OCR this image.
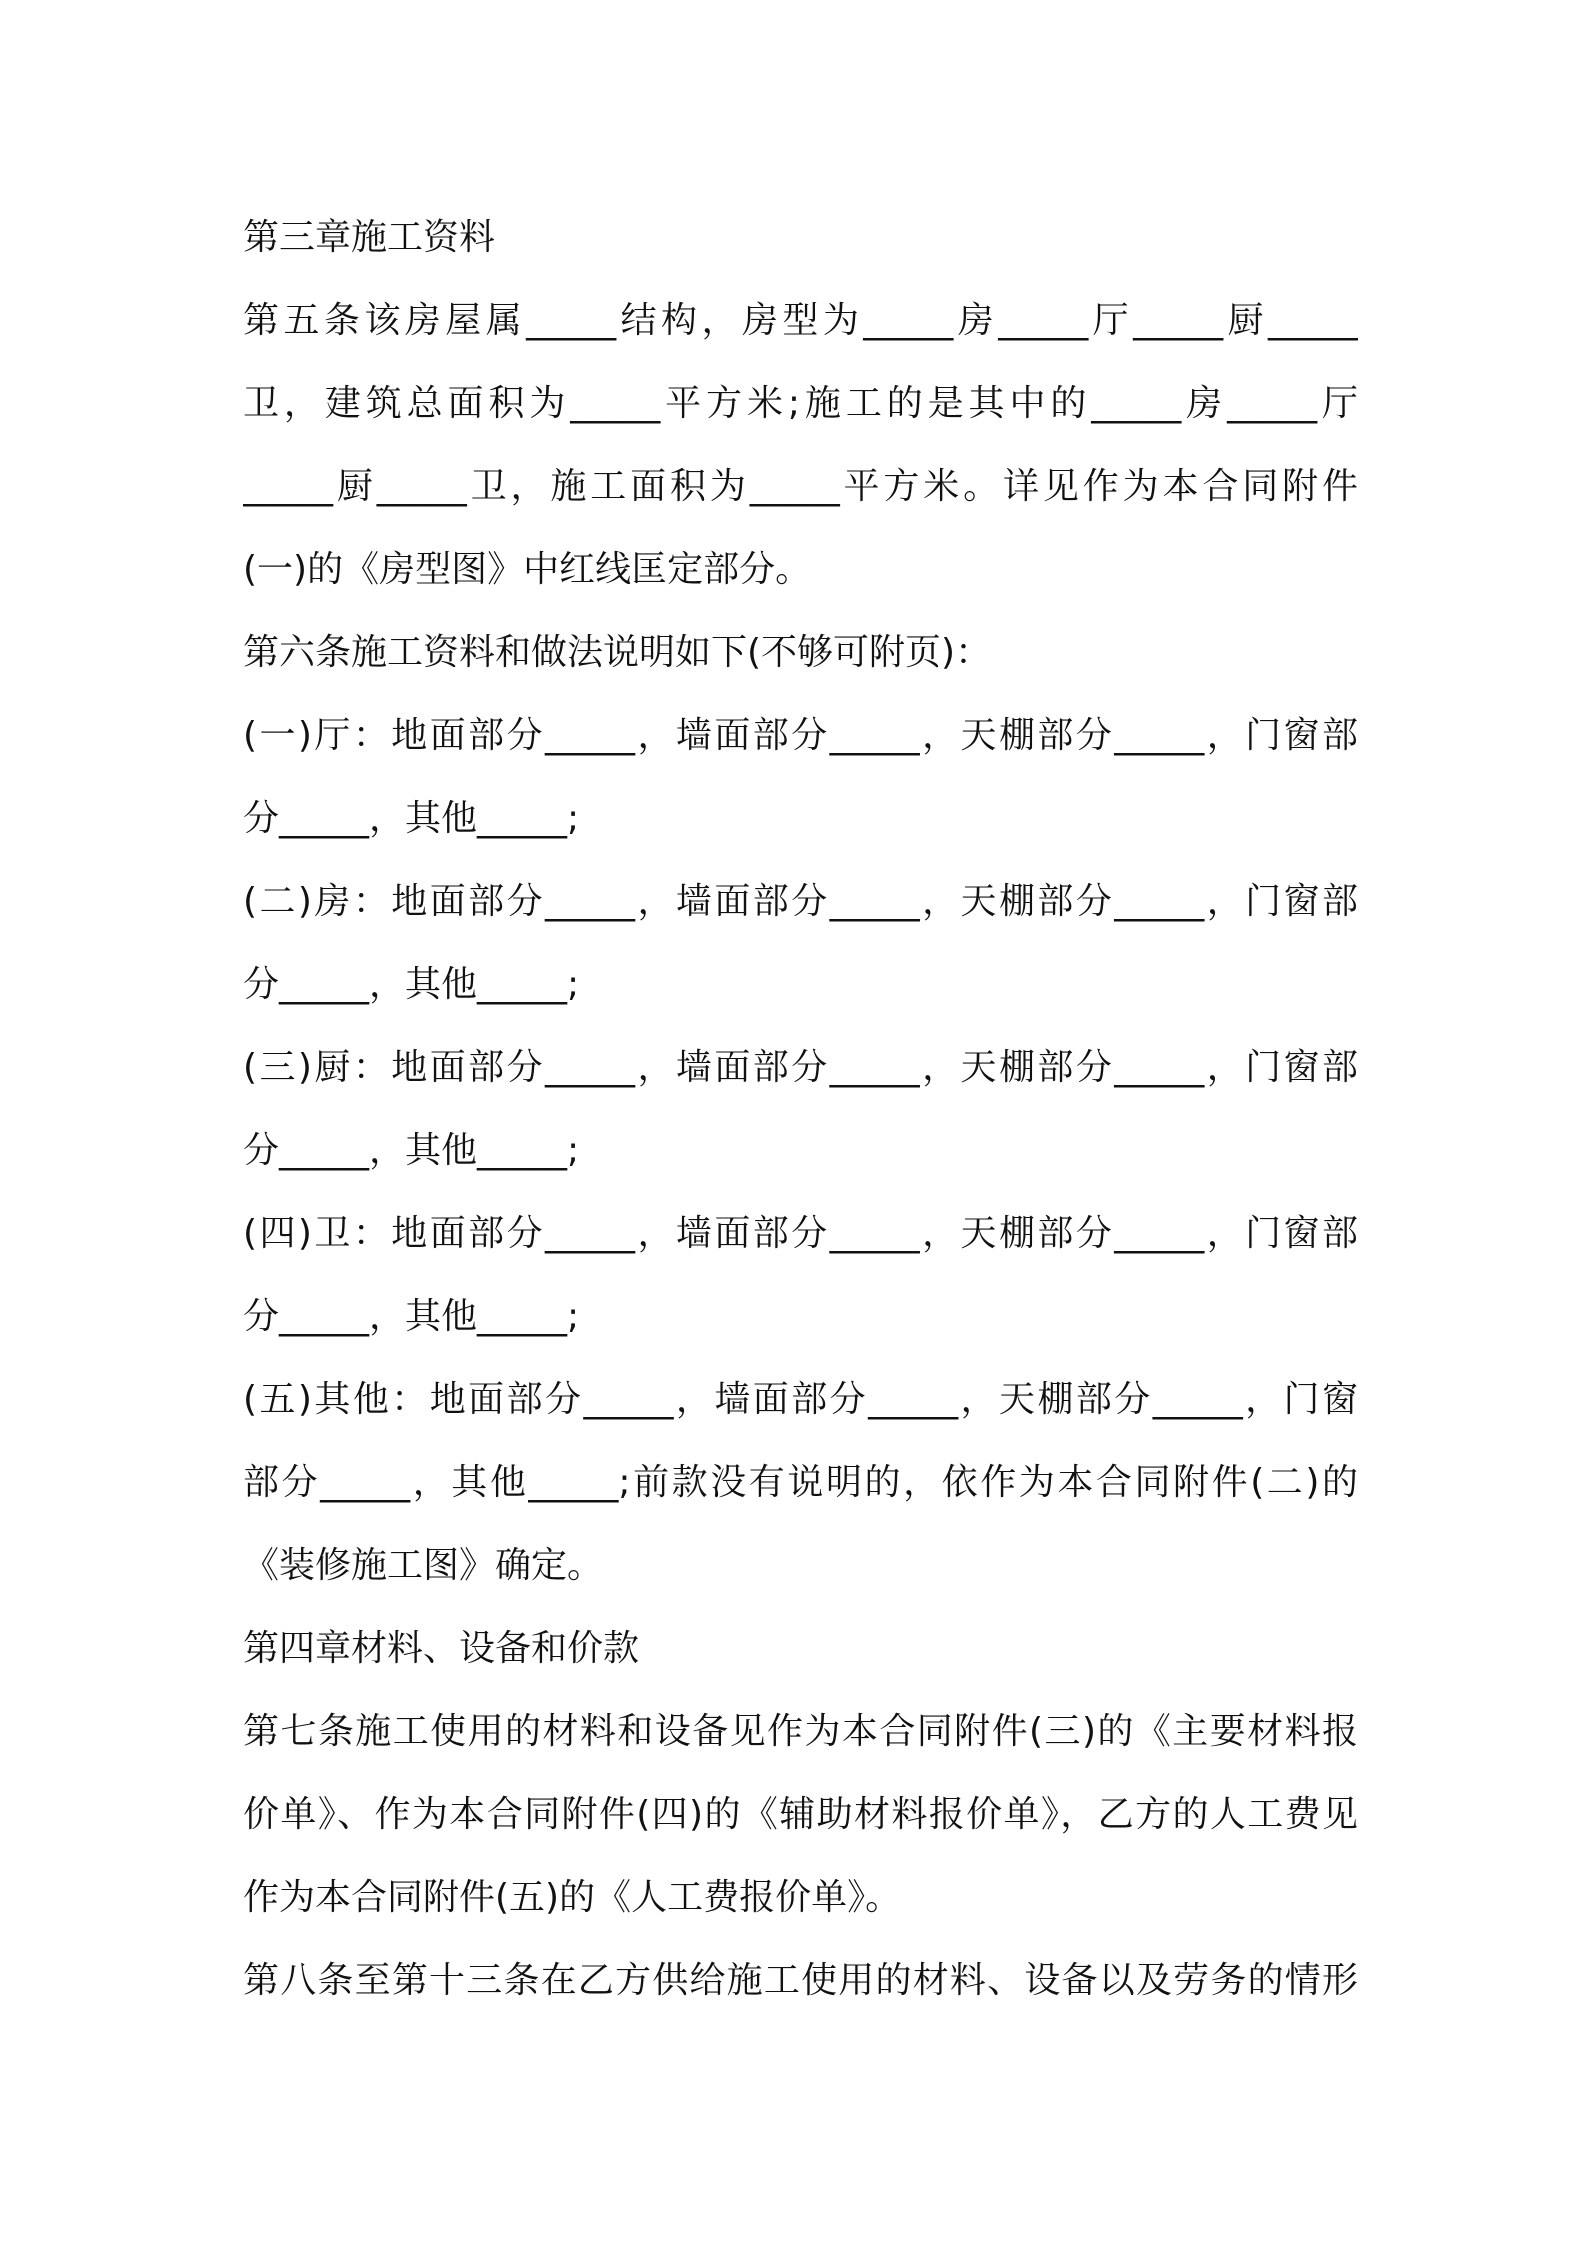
第三章施工资料
第五条该房屋属_____结构，房型为_____房_____厅_____厨_____
卫，建筑总面积为_____平方米;施工的是其中的_____房_____厅
_____厨_____卫，施工面积为_____平方米。详见作为本合同附件
(一)的《房型图》中红线匡定部分。
第六条施工资料和做法说明如下(不够可附页)：
(一)厅：地面部分_____，墙面部分_____，天棚部分_____，门窗部
分_____，其他_____;
(二)房：地面部分_____，墙面部分_____，天棚部分_____，门窗部
分_____，其他_____;
(三)厨：地面部分_____，墙面部分_____，天棚部分_____，门窗部
分_____，其他_____;
(四)卫：地面部分_____，墙面部分_____，天棚部分_____，门窗部
分_____，其他_____;
(五)其他：地面部分_____，墙面部分_____，天棚部分_____，门窗
部分_____，其他_____;前款没有说明的，依作为本合同附件(二)的
《装修施工图》确定。
第四章材料、设备和价款
第七条施工使用的材料和设备见作为本合同附件(三)的《主要材料报
价单》、作为本合同附件(四)的《辅助材料报价单》，乙方的人工费见
作为本合同附件(五)的《人工费报价单》。
第八条至第十三条在乙方供给施工使用的材料、设备以及劳务的情形
